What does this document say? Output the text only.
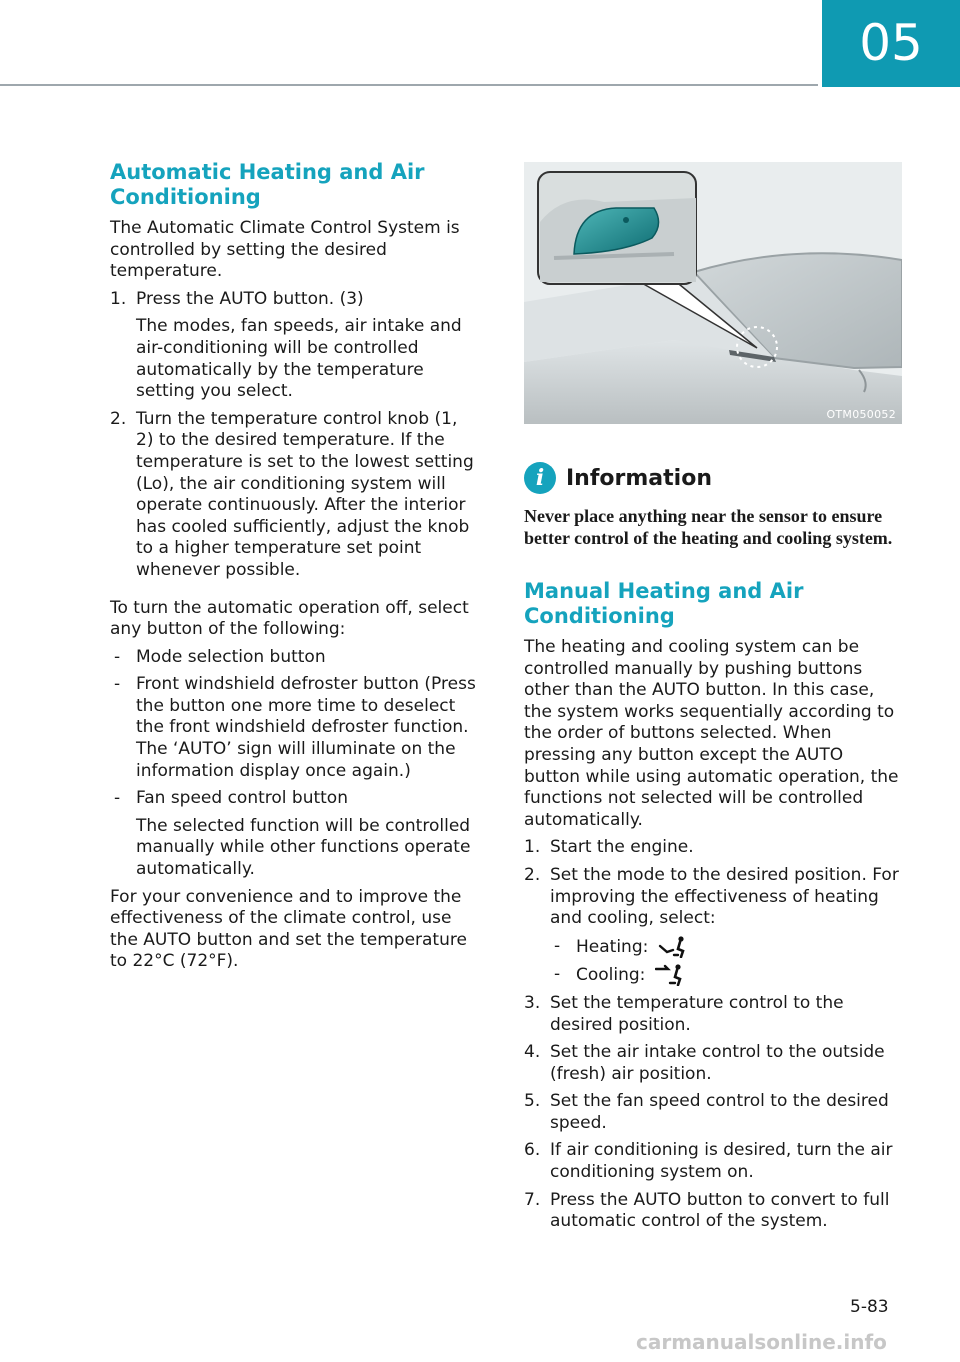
05
Automatic Heating and Air Conditioning

The Automatic Climate Control System is controlled by setting the desired temperature.

1. Press the AUTO button. (3)
The modes, fan speeds, air intake and air-conditioning will be controlled automatically by the temperature setting you select.
2. Turn the temperature control knob (1, 2) to the desired temperature. If the temperature is set to the lowest setting (Lo), the air conditioning system will operate continuously. After the interior has cooled sufficiently, adjust the knob to a higher temperature set point whenever possible.

To turn the automatic operation off, select any button of the following:

- Mode selection button
- Front windshield defroster button (Press the button one more time to deselect the front windshield defroster function. The ‘AUTO’ sign will illuminate on the information display once again.)
- Fan speed control button
The selected function will be controlled manually while other functions operate automatically.

For your convenience and to improve the effectiveness of the climate control, use the AUTO button and set the temperature to 22°C (72°F).

OTM050052
i Information

Never place anything near the sensor to ensure better control of the heating and cooling system.

Manual Heating and Air Conditioning

The heating and cooling system can be controlled manually by pushing buttons other than the AUTO button. In this case, the system works sequentially according to the order of buttons selected. When pressing any button except the AUTO button while using automatic operation, the functions not selected will be controlled automatically.

1. Start the engine.
2. Set the mode to the desired position. For improving the effectiveness of heating and cooling, select:
- Heating:
- Cooling:
3. Set the temperature control to the desired position.
4. Set the air intake control to the outside (fresh) air position.
5. Set the fan speed control to the desired speed.
6. If air conditioning is desired, turn the air conditioning system on.
7. Press the AUTO button to convert to full automatic control of the system.
5-83
carmanualsonline.info
